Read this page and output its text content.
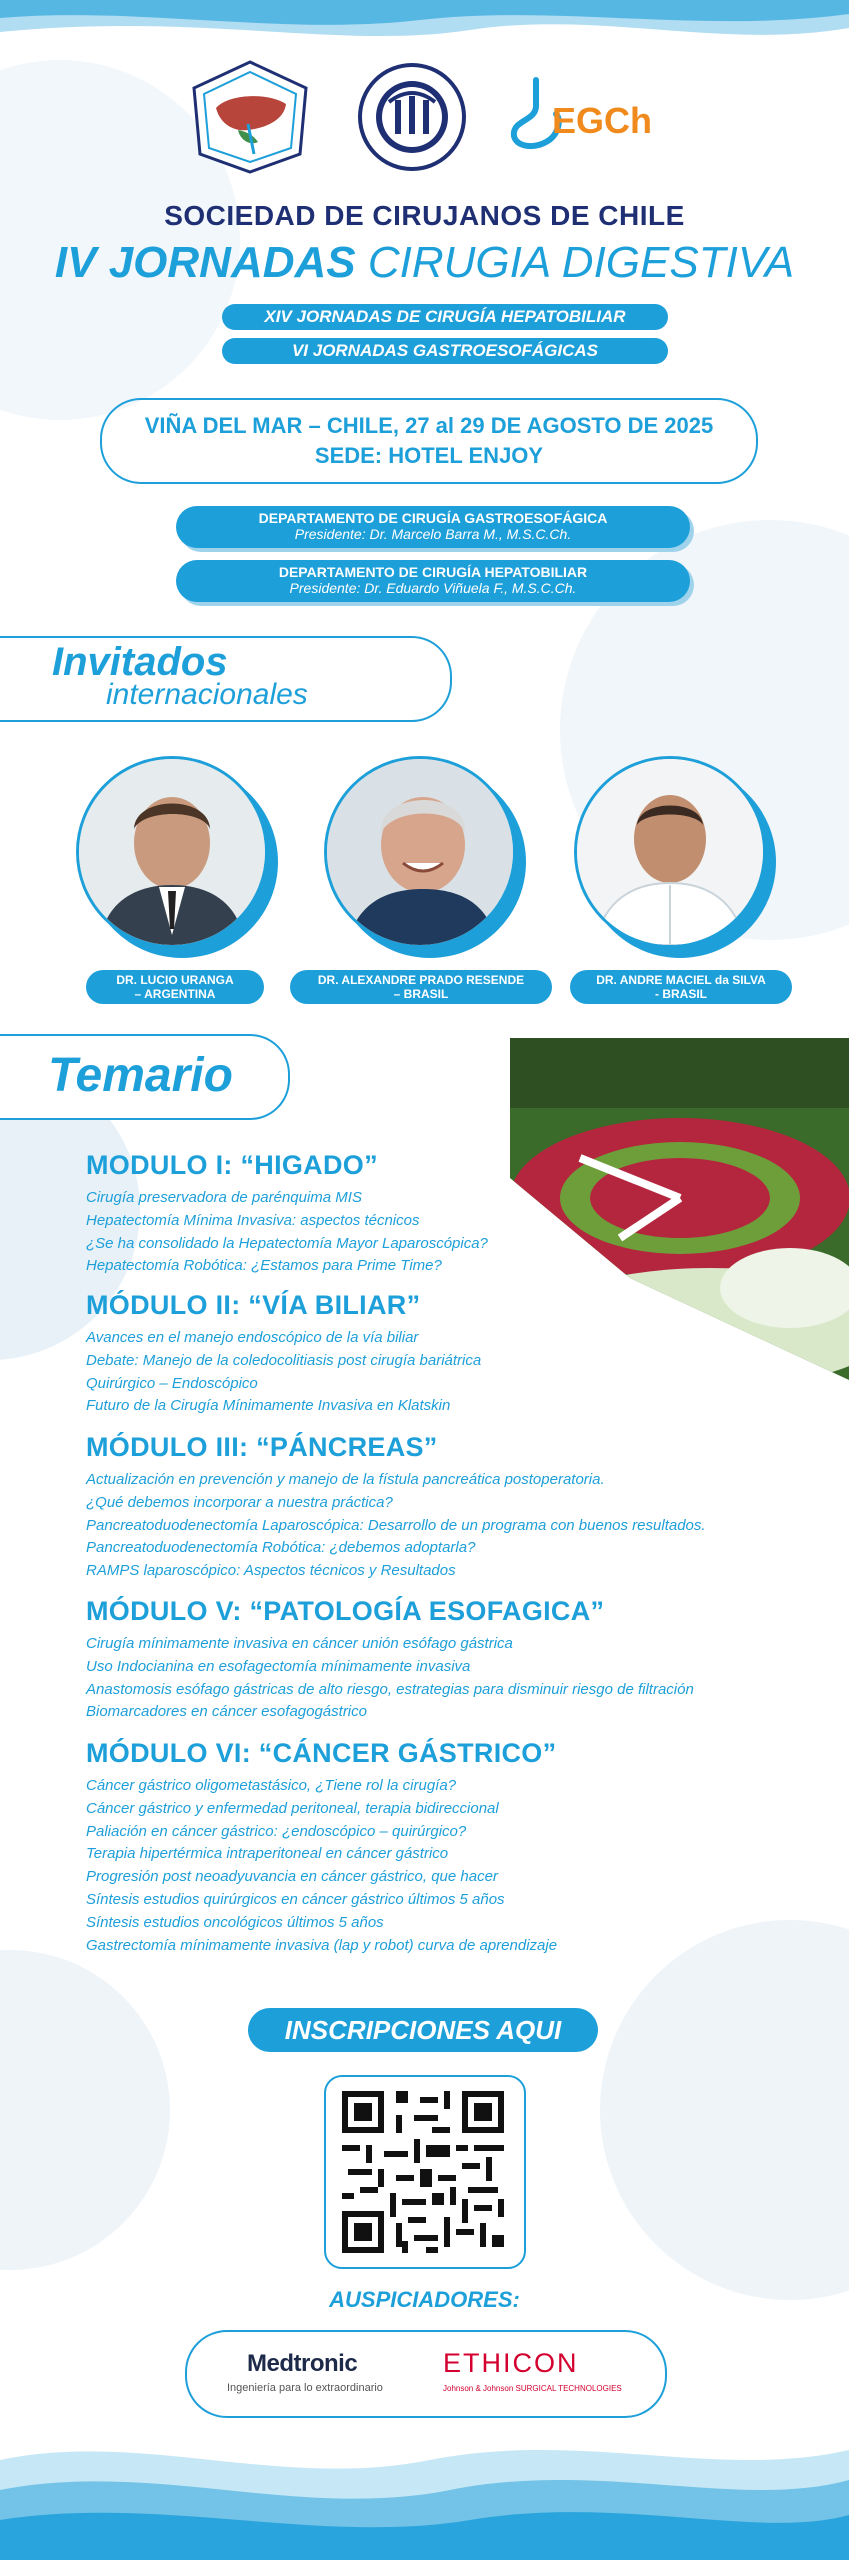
EGCh
SOCIEDAD DE CIRUJANOS DE CHILE
IV JORNADAS CIRUGIA DIGESTIVA
XIV JORNADAS DE CIRUGÍA HEPATOBILIAR
VI JORNADAS GASTROESOFÁGICAS
VIÑA DEL MAR – CHILE, 27 al 29 DE AGOSTO DE 2025
SEDE: HOTEL ENJOY
DEPARTAMENTO DE CIRUGÍA GASTROESOFÁGICA
Presidente: Dr. Marcelo Barra M., M.S.C.Ch.
DEPARTAMENTO DE CIRUGÍA HEPATOBILIAR
Presidente: Dr. Eduardo Viñuela F., M.S.C.Ch.
Invitados
internacionales
DR. LUCIO URANGA
– ARGENTINA
DR. ALEXANDRE PRADO RESENDE
– BRASIL
DR. ANDRE MACIEL da SILVA
- BRASIL
Temario
MODULO I: “HIGADO”
Cirugía preservadora de parénquima MIS
Hepatectomía Mínima Invasiva: aspectos técnicos
¿Se ha consolidado la Hepatectomía Mayor Laparoscópica?
Hepatectomía Robótica: ¿Estamos para Prime Time?
MÓDULO II: “VÍA BILIAR”
Avances en el manejo endoscópico de la vía biliar
Debate: Manejo de la coledocolitiasis post cirugía bariátrica
Quirúrgico – Endoscópico
Futuro de la Cirugía Mínimamente Invasiva en Klatskin
MÓDULO III: “PÁNCREAS”
Actualización en prevención y manejo de la fístula pancreática postoperatoria.
¿Qué debemos incorporar a nuestra práctica?
Pancreatoduodenectomía Laparoscópica: Desarrollo de un programa con buenos resultados.
Pancreatoduodenectomía Robótica: ¿debemos adoptarla?
RAMPS laparoscópico: Aspectos técnicos y Resultados
MÓDULO V: “PATOLOGÍA ESOFAGICA”
Cirugía mínimamente invasiva en cáncer unión esófago gástrica
Uso Indocianina en esofagectomía mínimamente invasiva
Anastomosis esófago gástricas de alto riesgo, estrategias para disminuir riesgo de filtración
Biomarcadores en cáncer esofagogástrico
MÓDULO VI: “CÁNCER GÁSTRICO”
Cáncer gástrico oligometastásico, ¿Tiene rol la cirugía?
Cáncer gástrico y enfermedad peritoneal, terapia bidireccional
Paliación en cáncer gástrico: ¿endoscópico – quirúrgico?
Terapia hipertérmica intraperitoneal en cáncer gástrico
Progresión post neoadyuvancia en cáncer gástrico, que hacer
Síntesis estudios quirúrgicos en cáncer gástrico últimos 5 años
Síntesis estudios oncológicos últimos 5 años
Gastrectomía mínimamente invasiva (lap y robot) curva de aprendizaje
INSCRIPCIONES AQUI
AUSPICIADORES:
Medtronic
Ingeniería para lo extraordinario
ETHICON
Johnson & Johnson SURGICAL TECHNOLOGIES
